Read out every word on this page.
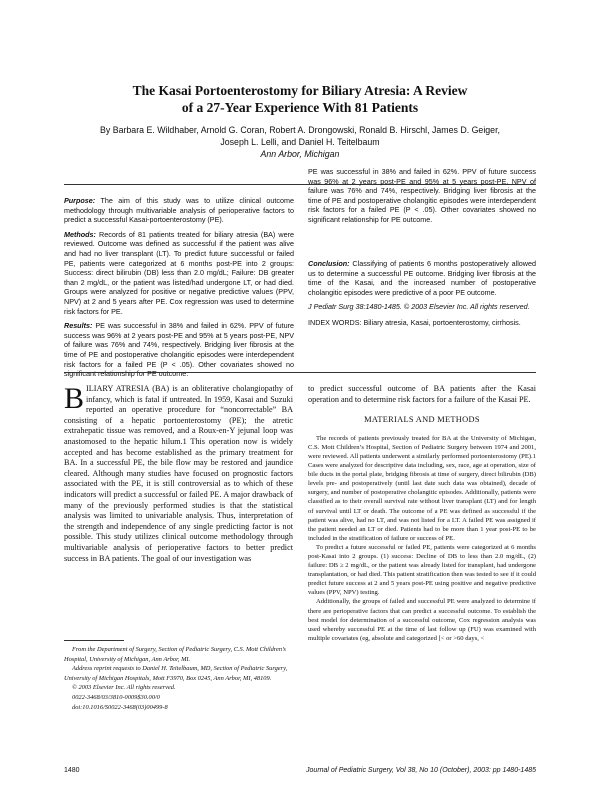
The Kasai Portoenterostomy for Biliary Atresia: A Review
of a 27-Year Experience With 81 Patients
By Barbara E. Wildhaber, Arnold G. Coran, Robert A. Drongowski, Ronald B. Hirschl, James D. Geiger,
Joseph L. Lelli, and Daniel H. Teitelbaum
Ann Arbor, Michigan

Purpose: The aim of this study was to utilize clinical outcome methodology through multivariable analysis of perioperative factors to predict a successful Kasai-portoenterostomy (PE).

Methods: Records of 81 patients treated for biliary atresia (BA) were reviewed. Outcome was defined as successful if the patient was alive and had no liver transplant (LT). To predict future successful or failed PE, patients were categorized at 6 months post-PE into 2 groups: Success: direct bilirubin (DB) less than 2.0 mg/dL; Failure: DB greater than 2 mg/dL, or the patient was listed/had undergone LT, or had died. Groups were analyzed for positive or negative predictive values (PPV, NPV) at 2 and 5 years after PE. Cox regression was used to determine risk factors for PE.

Results: PE was successful in 38% and failed in 62%. PPV of future success was 96% at 2 years post-PE and 95% at 5 years post-PE, NPV of failure was 76% and 74%, respectively. Bridging liver fibrosis at the time of PE and postoperative cholangitic episodes were interdependent risk factors for a failed PE (P < .05). Other covariates showed no significant relationship for PE outcome.

PE was successful in 38% and failed in 62%. PPV of future success was 96% at 2 years post-PE and 95% at 5 years post-PE, NPV of failure was 76% and 74%, respectively. Bridging liver fibrosis at the time of PE and postoperative cholangitic episodes were interdependent risk factors for a failed PE (P < .05). Other covariates showed no significant relationship for PE outcome.

Conclusion: Classifying of patients 6 months postoperatively allowed us to determine a successful PE outcome. Bridging liver fibrosis at the time of the Kasai, and the increased number of postoperative cholangitic episodes were predictive of a poor PE outcome.

J Pediatr Surg 38:1480-1485. © 2003 Elsevier Inc. All rights reserved.

INDEX WORDS: Biliary atresia, Kasai, portoenterostomy, cirrhosis.

BILIARY ATRESIA (BA) is an obliterative cholangiopathy of infancy, which is fatal if untreated. In 1959, Kasai and Suzuki reported an operative procedure for “noncorrectable” BA consisting of a hepatic portoenterostomy (PE); the atretic extrahepatic tissue was removed, and a Roux-en-Y jejunal loop was anastomosed to the hepatic hilum.1 This operation now is widely accepted and has become established as the primary treatment for BA. In a successful PE, the bile flow may be restored and jaundice cleared. Although many studies have focused on prognostic factors associated with the PE, it is still controversial as to which of these indicators will predict a successful or failed PE. A major drawback of many of the previously performed studies is that the statistical analysis was limited to univariable analysis. Thus, interpretation of the strength and independence of any single predicting factor is not possible. This study utilizes clinical outcome methodology through multivariable analysis of perioperative factors to better predict success in BA patients. The goal of our investigation was

From the Department of Surgery, Section of Pediatric Surgery, C.S. Mott Children’s Hospital, University of Michigan, Ann Arbor, MI.

Address reprint requests to Daniel H. Teitelbaum, MD, Section of Pediatric Surgery, University of Michigan Hospitals, Mott F3970, Box 0245, Ann Arbor, MI, 48109.

© 2003 Elsevier Inc. All rights reserved.

0022-3468/03/3810-0009$30.00/0

doi:10.1016/S0022-3468(03)00499-8

to predict successful outcome of BA patients after the Kasai operation and to determine risk factors for a failure of the Kasai PE.

MATERIALS AND METHODS

The records of patients previously treated for BA at the University of Michigan, C.S. Mott Children’s Hospital, Section of Pediatric Surgery between 1974 and 2001, were reviewed. All patients underwent a similarly performed portoenterostomy (PE).1 Cases were analyzed for descriptive data including, sex, race, age at operation, size of bile ducts in the portal plate, bridging fibrosis at time of surgery, direct bilirubin (DB) levels pre- and postoperatively (until last date such data was obtained), decade of surgery, and number of postoperative cholangitic episodes. Additionally, patients were classified as to their overall survival rate without liver transplant (LT) and for length of survival until LT or death. The outcome of a PE was defined as successful if the patient was alive, had no LT, and was not listed for a LT. A failed PE was assigned if the patient needed an LT or died. Patients had to be more than 1 year post-PE to be included in the stratification of failure or success of PE.

To predict a future successful or failed PE, patients were categorized at 6 months post-Kasai into 2 groups. (1) success: Decline of DB to less than 2.0 mg/dL, (2) failure: DB ≥ 2 mg/dL, or the patient was already listed for transplant, had undergone transplantation, or had died. This patient stratification then was tested to see if it could predict future success at 2 and 5 years post-PE using positive and negative predictive values (PPV, NPV) testing.

Additionally, the groups of failed and successful PE were analyzed to determine if there are perioperative factors that can predict a successful outcome. To establish the best model for determination of a successful outcome, Cox regression analysis was used whereby successful PE at the time of last follow up (FU) was examined with multiple covariates (eg, absolute and categorized [< or >60 days, <

1480	Journal of Pediatric Surgery, Vol 38, No 10 (October), 2003: pp 1480-1485
